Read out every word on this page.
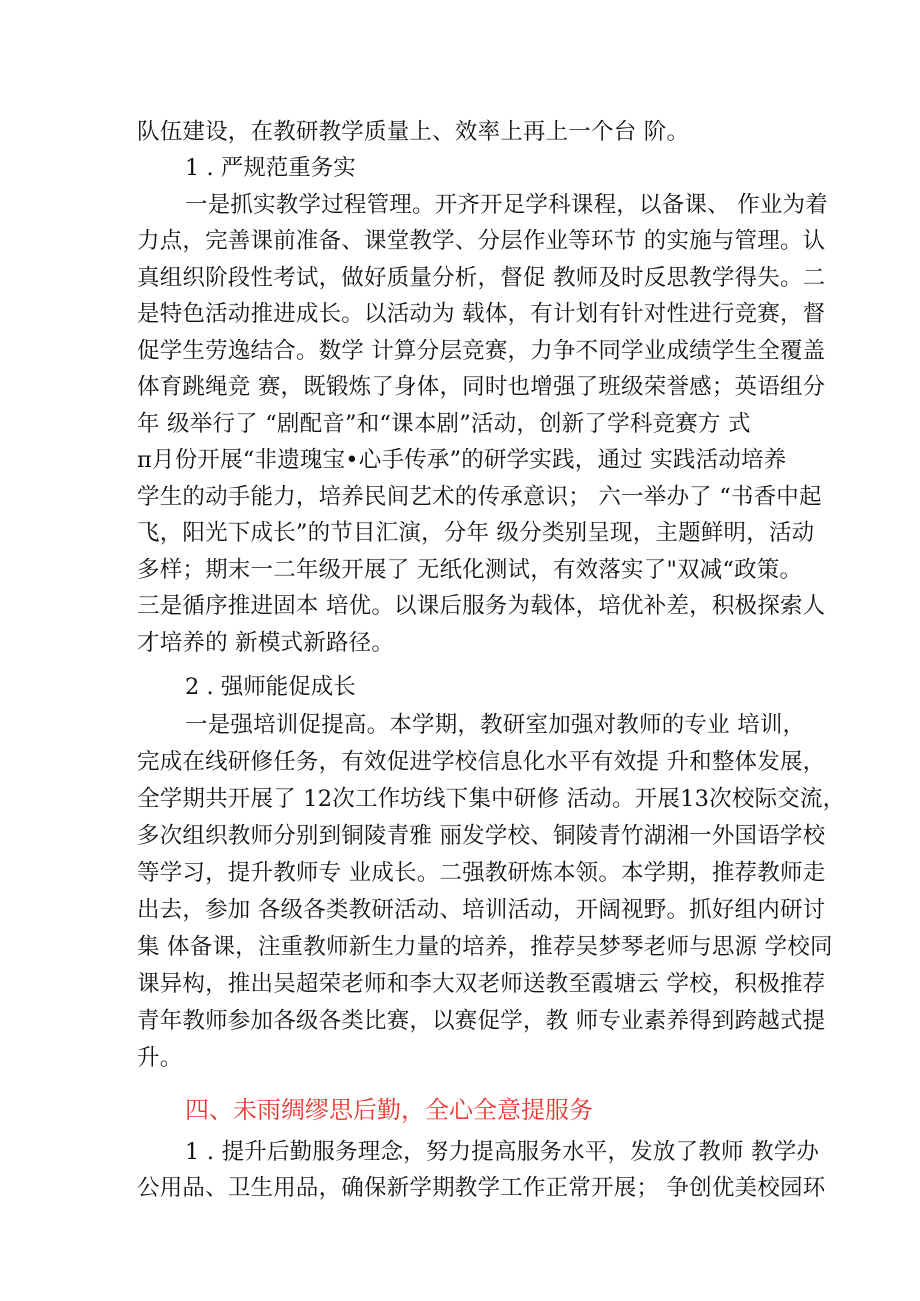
队伍建设，在教研教学质量上、效率上再上一个台 阶。
1 . 严规范重务实
一是抓实教学过程管理。开齐开足学科课程，以备课、 作业为着
力点，完善课前准备、课堂教学、分层作业等环节 的实施与管理。认
真组织阶段性考试，做好质量分析，督促 教师及时反思教学得失。二
是特色活动推进成长。以活动为 载体，有计划有针对性进行竞赛，督
促学生劳逸结合。数学 计算分层竞赛，力争不同学业成绩学生全覆盖
体育跳绳竞 赛，既锻炼了身体，同时也增强了班级荣誉感；英语组分
年 级举行了 “剧配音”和“课本剧”活动，创新了学科竞赛方 式
π月份开展“非遗瑰宝•心手传承”的研学实践，通过 实践活动培养
学生的动手能力，培养民间艺术的传承意识； 六一举办了 “书香中起
飞，阳光下成长”的节目汇演，分年 级分类别呈现，主题鲜明，活动
多样；期末一二年级开展了 无纸化测试，有效落实了"双减“政策。
三是循序推进固本 培优。以课后服务为载体，培优补差，积极探索人
才培养的 新模式新路径。
2 . 强师能促成长
一是强培训促提高。本学期，教研室加强对教师的专业 培训，
完成在线研修任务，有效促进学校信息化水平有效提 升和整体发展，
全学期共开展了 12次工作坊线下集中研修 活动。开展13次校际交流，
多次组织教师分别到铜陵青雅 丽发学校、铜陵青竹湖湘一外国语学校
等学习，提升教师专 业成长。二强教研炼本领。本学期，推荐教师走
出去，参加 各级各类教研活动、培训活动，开阔视野。抓好组内研讨
集 体备课，注重教师新生力量的培养，推荐吴梦琴老师与思源 学校同
课异构，推出吴超荣老师和李大双老师送教至霞塘云 学校，积极推荐
青年教师参加各级各类比赛，以赛促学，教 师专业素养得到跨越式提
升。
四、未雨绸缪思后勤，全心全意提服务
1 . 提升后勤服务理念，努力提高服务水平，发放了教师 教学办
公用品、卫生用品，确保新学期教学工作正常开展； 争创优美校园环
